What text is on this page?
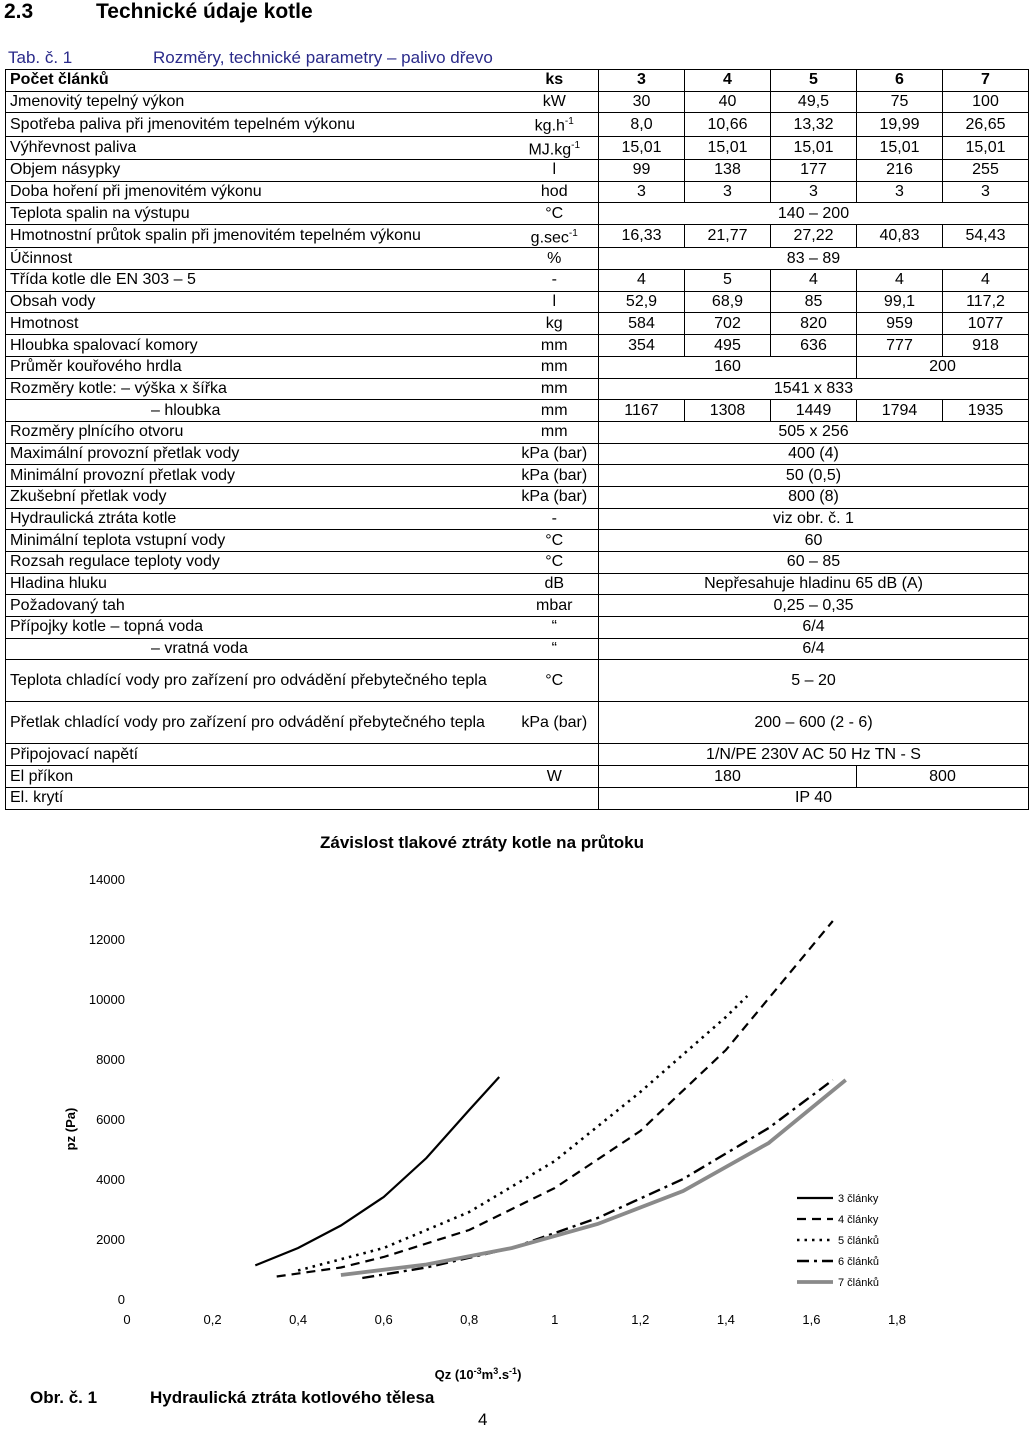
2.3	Technické údaje kotle
Tab. č. 1	Rozměry, technické parametry – palivo dřevo
Počet článků	ks	3	4	5	6	7
Jmenovitý tepelný výkon	kW	30	40	49,5	75	100
Spotřeba paliva při jmenovitém tepelném výkonu	$kg.h^{-1}$	8,0	10,66	13,32	19,99	26,65
Výhřevnost paliva	$MJ.kg^{-1}$	15,01	15,01	15,01	15,01	15,01
Objem násypky	l	99	138	177	216	255
Doba hoření při jmenovitém výkonu	hod	3	3	3	3	3
Teplota spalin na výstupu	°C	140 – 200				
Hmotnostní průtok spalin při jmenovitém tepelném výkonu	$g.\sec^{-1}$	16,33	21,77	27,22	40,83	54,43
Účinnost	%	83 – 89				
Třída kotle dle EN 303 – 5	-	4	5	4	4	4
Obsah vody	l	52,9	68,9	85	99,1	117,2
Hmotnost	kg	584	702	820	959	1077
Hloubka spalovací komory	mm	354	495	636	777	918
Průměr kouřového hrdla	mm	160			200	
Rozměry kotle: – výška x šířka	mm	1541 x 833				
– hloubka	mm	1167	1308	1449	1794	1935
Rozměry plnícího otvoru	mm	505 x 256				
Maximální provozní přetlak vody	kPa (bar)	400 (4)				
Minimální provozní přetlak vody	kPa (bar)	50 (0,5)				
Zkušební přetlak vody	kPa (bar)	800 (8)				
Hydraulická ztráta kotle	-	viz obr. č. 1				
Minimální teplota vstupní vody	°C	60				
Rozsah regulace teploty vody	°C	60 – 85				
Hladina hluku	dB	Nepřesahuje hladinu 65 dB (A)				
Požadovaný tah	mbar	0,25 – 0,35				
Přípojky kotle – topná voda	“	6/4				
– vratná voda	“	6/4				
Teplota chladící vody pro zařízení pro odvádění přebytečného tepla	°C	5 – 20				
Přetlak chladící vody pro zařízení pro odvádění přebytečného tepla	kPa (bar)	200 – 600 (2 - 6)				
Připojovací napětí		1/N/PE 230V AC 50 Hz TN - S				
El příkon	W	180			800	
El. krytí		IP 40				
Závislost tlakové ztráty kotle na průtoku
0
2000
4000
6000
8000
10000
12000
14000
0	0,2	0,4	0,6	0,8	1	1,2	1,4	1,6	1,8
pz (Pa)
Qz $(10^{-3}m^3.s^{-1})$
3 články
4 články
5 článků
6 článků
7 článků
Obr. č. 1	Hydraulická ztráta kotlového tělesa
4
